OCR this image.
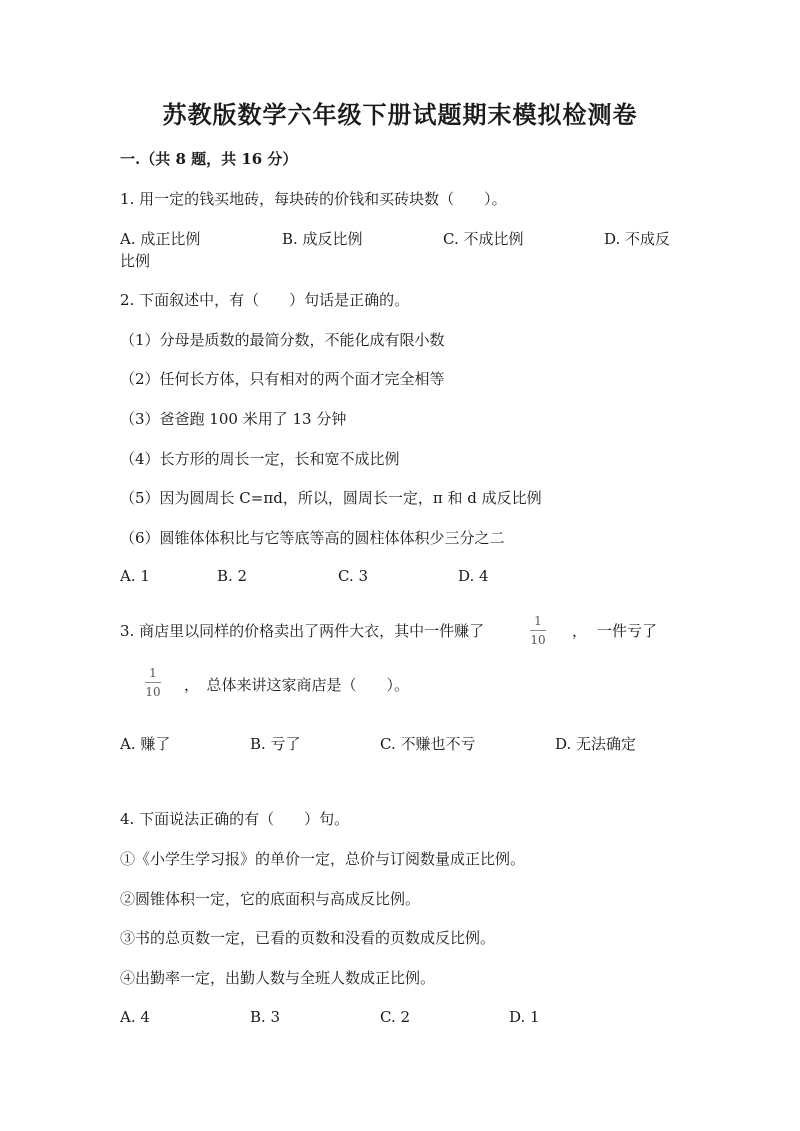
苏教版数学六年级下册试题期末模拟检测卷
一.（共 8 题，共 16 分）
1. 用一定的钱买地砖，每块砖的价钱和买砖块数（　　）。
A. 成正比例	B. 成反比例	C. 不成比例	D. 不成反
比例
2. 下面叙述中，有（　　）句话是正确的。
（1）分母是质数的最简分数，不能化成有限小数
（2）任何长方体，只有相对的两个面才完全相等
（3）爸爸跑 100 米用了 13 分钟
（4）长方形的周长一定，长和宽不成比例
（5）因为圆周长 C=πd，所以，圆周长一定，π 和 d 成反比例
（6）圆锥体体积比与它等底等高的圆柱体体积少三分之二
A. 1	B. 2	C. 3	D. 4
3. 商店里以同样的价格卖出了两件大衣，其中一件赚了
1
10 ， 一件亏了
1
10 ，　总体来讲这家商店是（　　）。
A. 赚了	B. 亏了	C. 不赚也不亏	D. 无法确定
4. 下面说法正确的有（　　）句。
①《小学生学习报》的单价一定，总价与订阅数量成正比例。
②圆锥体积一定，它的底面积与高成反比例。
③书的总页数一定，已看的页数和没看的页数成反比例。
④出勤率一定，出勤人数与全班人数成正比例。
A. 4	B. 3	C. 2	D. 1
